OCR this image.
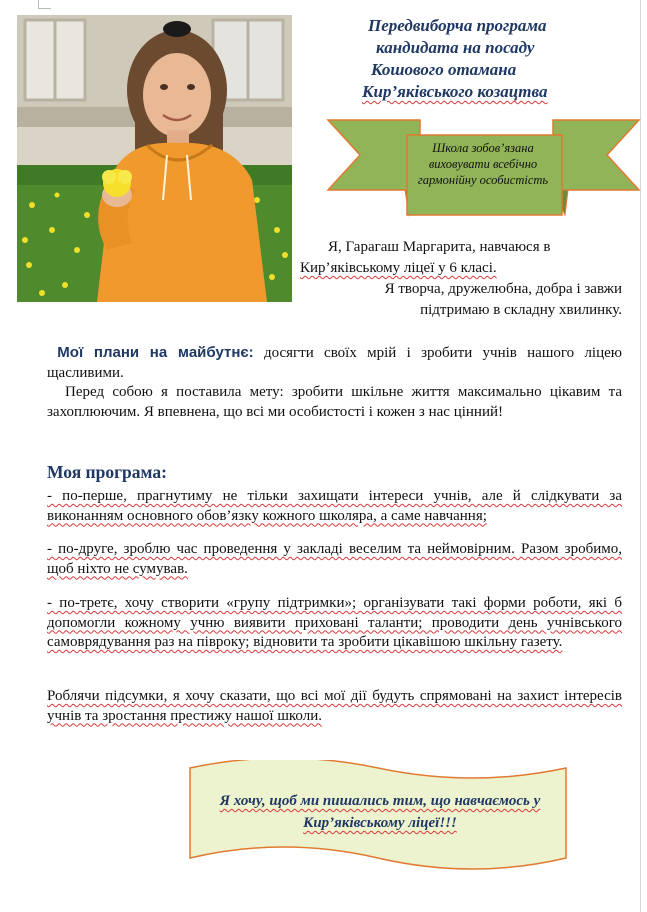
Передвиборча програма
кандидата на посаду
Кошового отамана
Кир’яківського козацтва
Школа зобов’язана виховувати всебічно гармонійну особистість

Я, Гарагаш Маргарита, навчаюся в
Кир’яківському ліцеї у 6 класі.

Я творча, дружелюбна, добра і завжи
підтримаю в складну хвилинку.

Мої плани на майбутнє: досягти своїх мрій і зробити учнів нашого ліцею щасливими.

Перед собою я поставила мету: зробити шкільне життя максимально цікавим та захоплюючим. Я впевнена, що всі ми особистості і кожен з нас цінний!

Моя програма:

- по-перше, прагнутиму не тільки захищати інтереси учнів, але й слідкувати за виконанням основного обов’язку кожного школяра, а саме навчання;

- по-друге, зроблю час проведення у закладі веселим та неймовірним. Разом зробимо, щоб ніхто не сумував.

- по-третє, хочу створити «групу підтримки»; організувати такі форми роботи, які б допомогли кожному учню виявити приховані таланти; проводити день учнівського самоврядування раз на півроку; відновити та зробити цікавішою шкільну газету.

Роблячи підсумки, я хочу сказати, що всі мої дії будуть спрямовані на захист інтересів учнів та зростання престижу нашої школи.

Я хочу, щоб ми пишались тим, що навчаємось у
Кир’яківському ліцеї!!!
